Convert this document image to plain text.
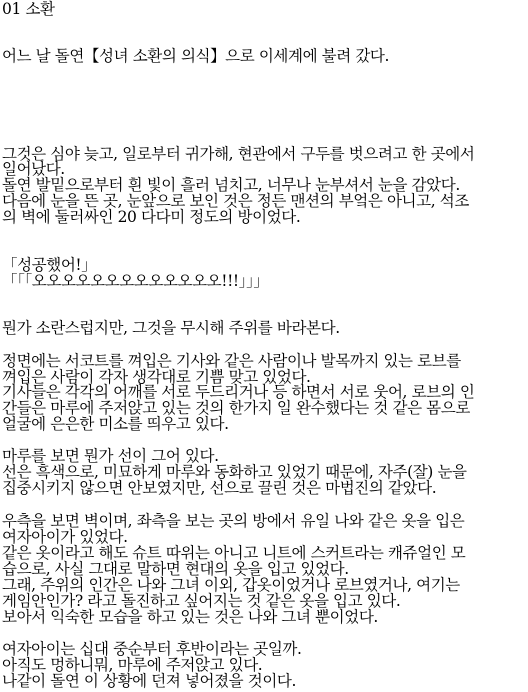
01 소환

어느 날 돌연【성녀 소환의 의식】으로 이세계에 불려 갔다.

그것은 심야 늦고, 일로부터 귀가해, 현관에서 구두를 벗으려고 한 곳에서

일어났다.

돌연 발밑으로부터 흰 빛이 흘러 넘치고, 너무나 눈부셔서 눈을 감았다.

다음에 눈을 뜬 곳, 눈앞으로 보인 것은 정든 맨션의 부엌은 아니고, 석조

의 벽에 둘러싸인 20 다다미 정도의 방이었다.

「성공했어!」

「「「오오오오오오오오오오오오오!!!」」」

뭔가 소란스럽지만, 그것을 무시해 주위를 바라본다.

정면에는 서코트를 껴입은 기사와 같은 사람이나 발목까지 있는 로브를

껴입은 사람이 각자 생각대로 기쁨 맞고 있었다.

기사들은 각각의 어깨를 서로 두드리거나 등 하면서 서로 웃어, 로브의 인

간들은 마루에 주저앉고 있는 것의 한가지 일 완수했다는 것 같은 몸으로

얼굴에 은은한 미소를 띄우고 있다.

마루를 보면 뭔가 선이 그어 있다.

선은 흑색으로, 미묘하게 마루와 동화하고 있었기 때문에, 자주(잘) 눈을

집중시키지 않으면 안보였지만, 선으로 끌린 것은 마법진의 같았다.

우측을 보면 벽이며, 좌측을 보는 곳의 방에서 유일 나와 같은 옷을 입은

여자아이가 있었다.

같은 옷이라고 해도 슈트 따위는 아니고 니트에 스커트라는 캐쥬얼인 모

습으로, 사실 그대로 말하면 현대의 옷을 입고 있었다.

그래, 주위의 인간은 나와 그녀 이외, 갑옷이었거나 로브였거나, 여기는

게임안인가? 라고 돌진하고 싶어지는 것 같은 옷을 입고 있다.

보아서 익숙한 모습을 하고 있는 것은 나와 그녀 뿐이었다.

여자아이는 십대 중순부터 후반이라는 곳일까.

아직도 멍하니뭐, 마루에 주저앉고 있다.

나같이 돌연 이 상황에 던져 넣어졌을 것이다.
